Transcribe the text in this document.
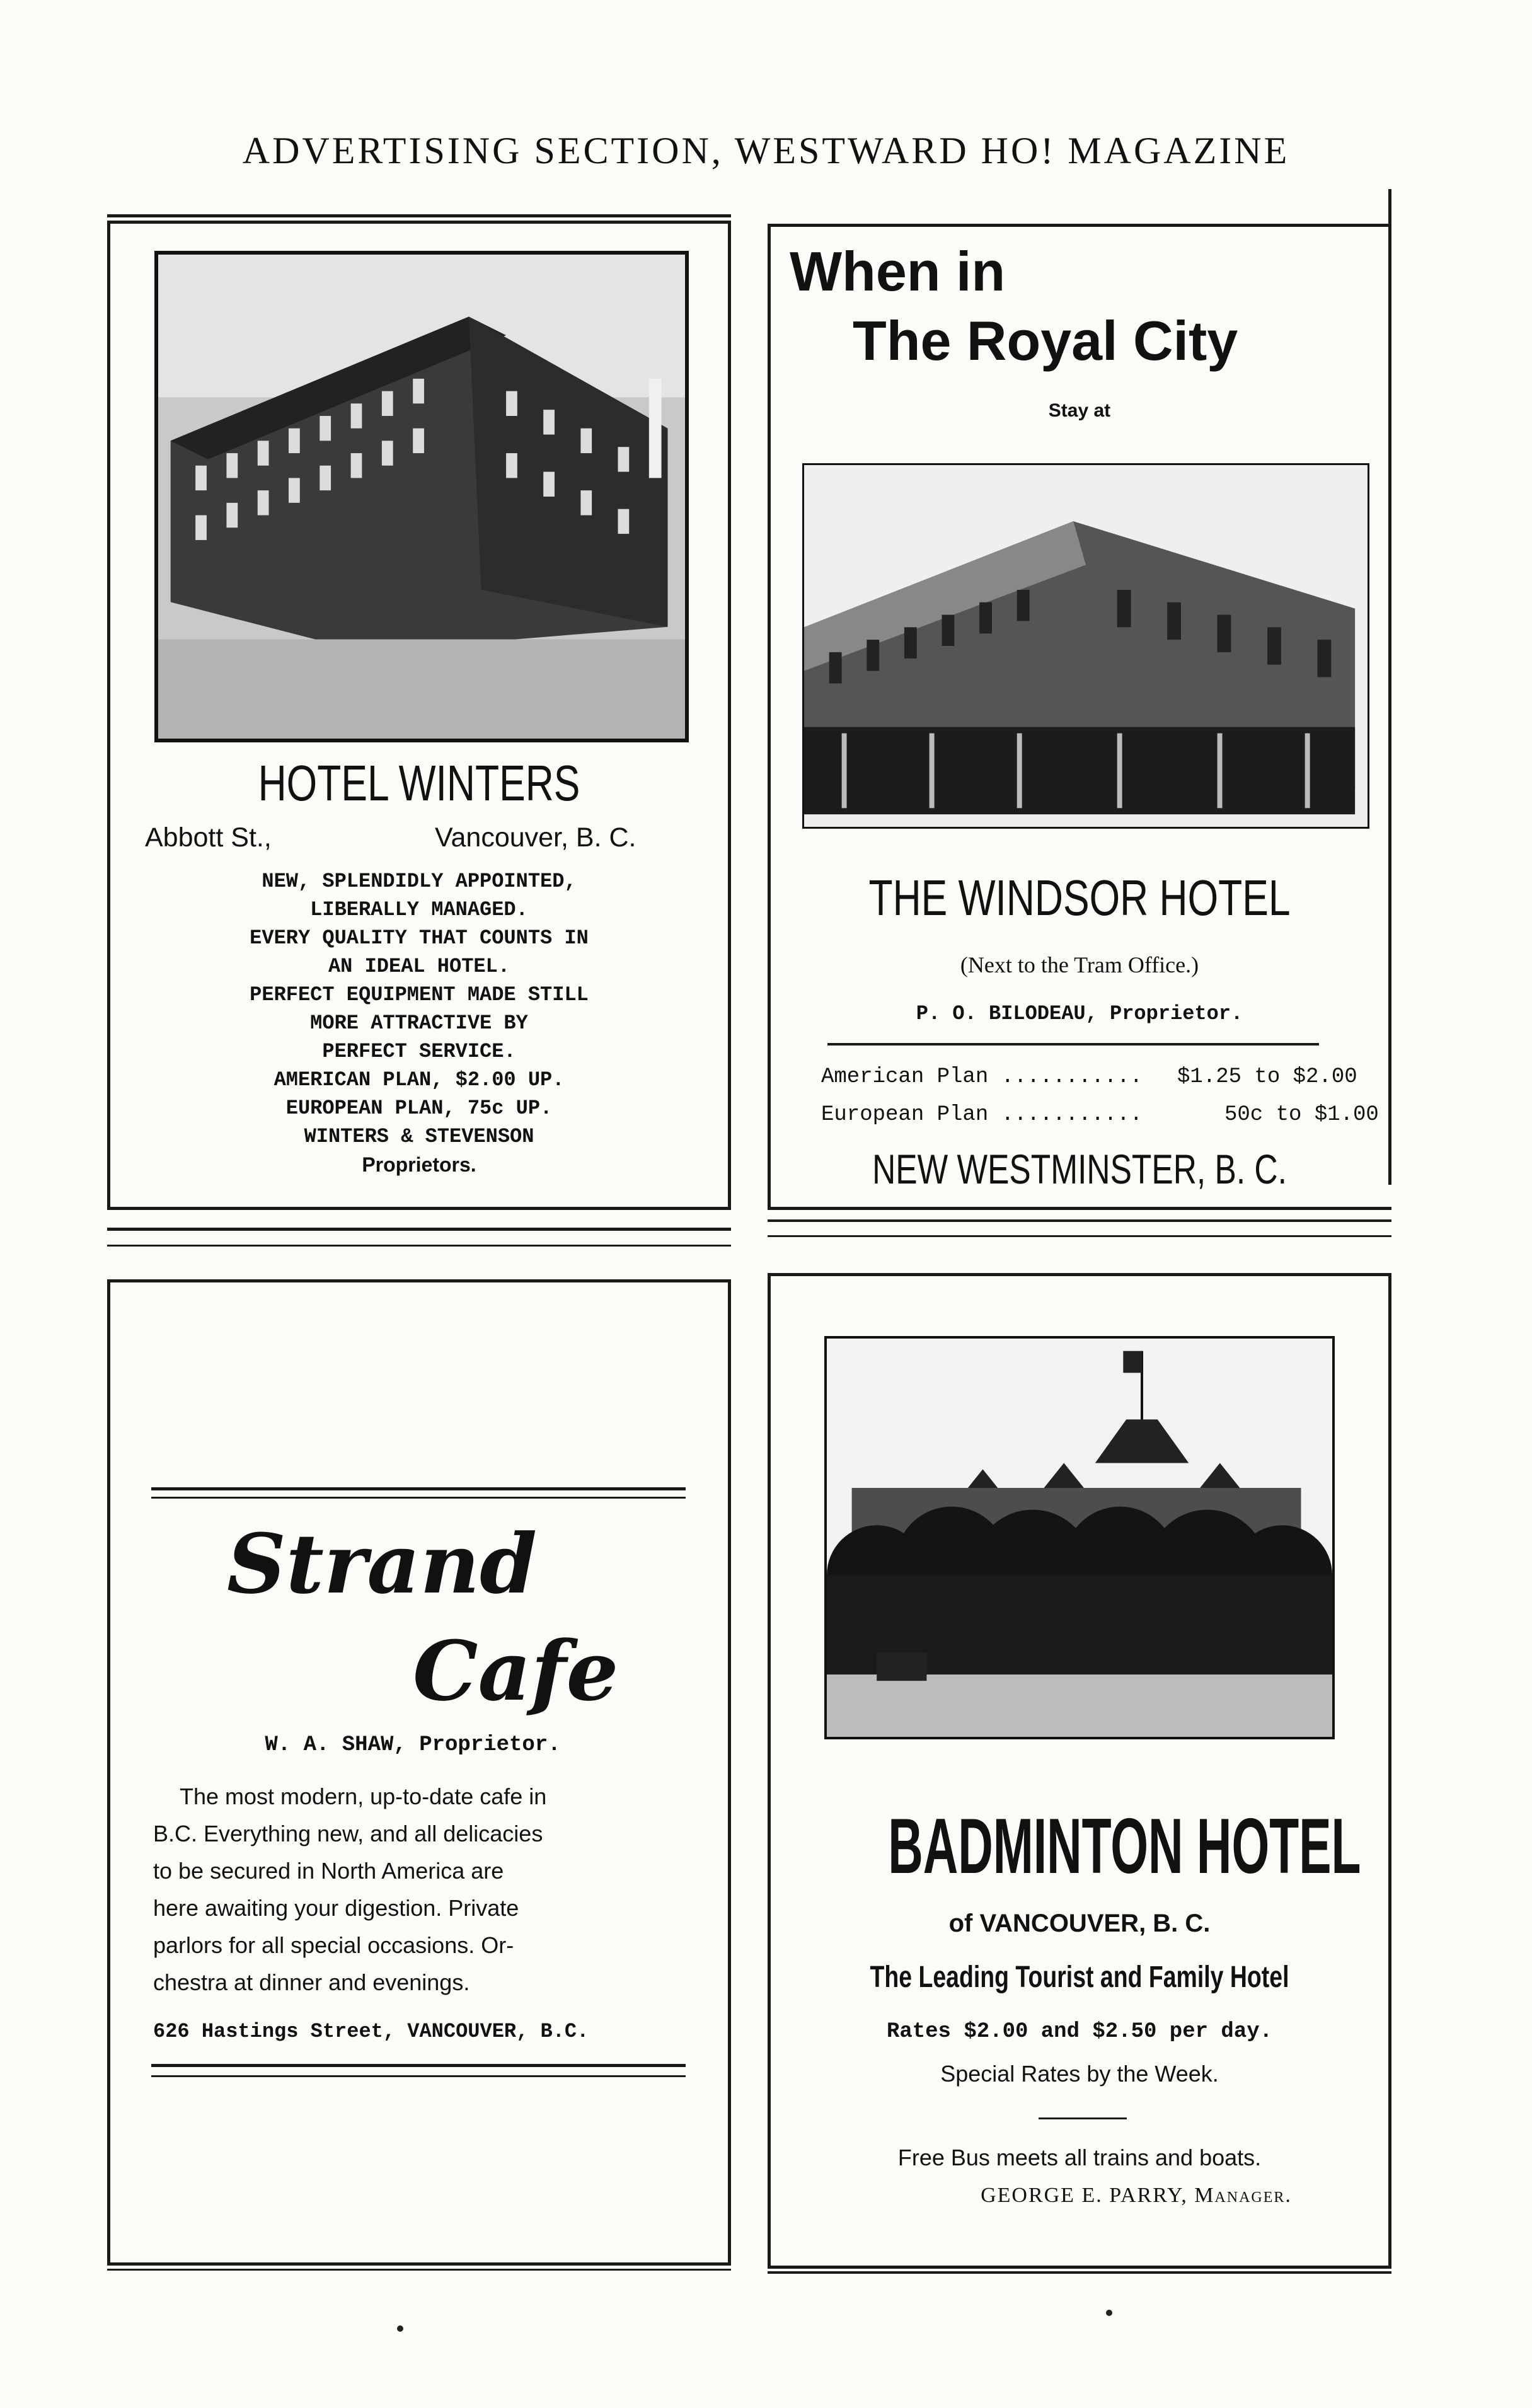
ADVERTISING SECTION, WESTWARD HO! MAGAZINE
HOTEL WINTERS
Abbott St.,	Vancouver, B. C.
NEW, SPLENDIDLY APPOINTED,
LIBERALLY MANAGED.
EVERY QUALITY THAT COUNTS IN
AN IDEAL HOTEL.
PERFECT EQUIPMENT MADE STILL
MORE ATTRACTIVE BY
PERFECT SERVICE.
AMERICAN PLAN, $2.00 UP.
EUROPEAN PLAN, 75c UP.
WINTERS & STEVENSON
Proprietors.
When in
The Royal City
Stay at
THE WINDSOR HOTEL
(Next to the Tram Office.)
P. O. BILODEAU, Proprietor.
American Plan ........... $1.25 to $2.00
European Plan ...........	50c to $1.00
NEW WESTMINSTER, B. C.
Strand
Cafe
W. A. SHAW, Proprietor.
The most modern, up-to-date cafe in
B.C. Everything new, and all delicacies
to be secured in North America are
here awaiting your digestion. Private
parlors for all special occasions. Or-
chestra at dinner and evenings.
626 Hastings Street, VANCOUVER, B.C.
BADMINTON HOTEL
of VANCOUVER, B. C.
The Leading Tourist and Family Hotel
Rates $2.00 and $2.50 per day.
Special Rates by the Week.
Free Bus meets all trains and boats.
GEORGE E. PARRY, Manager.
